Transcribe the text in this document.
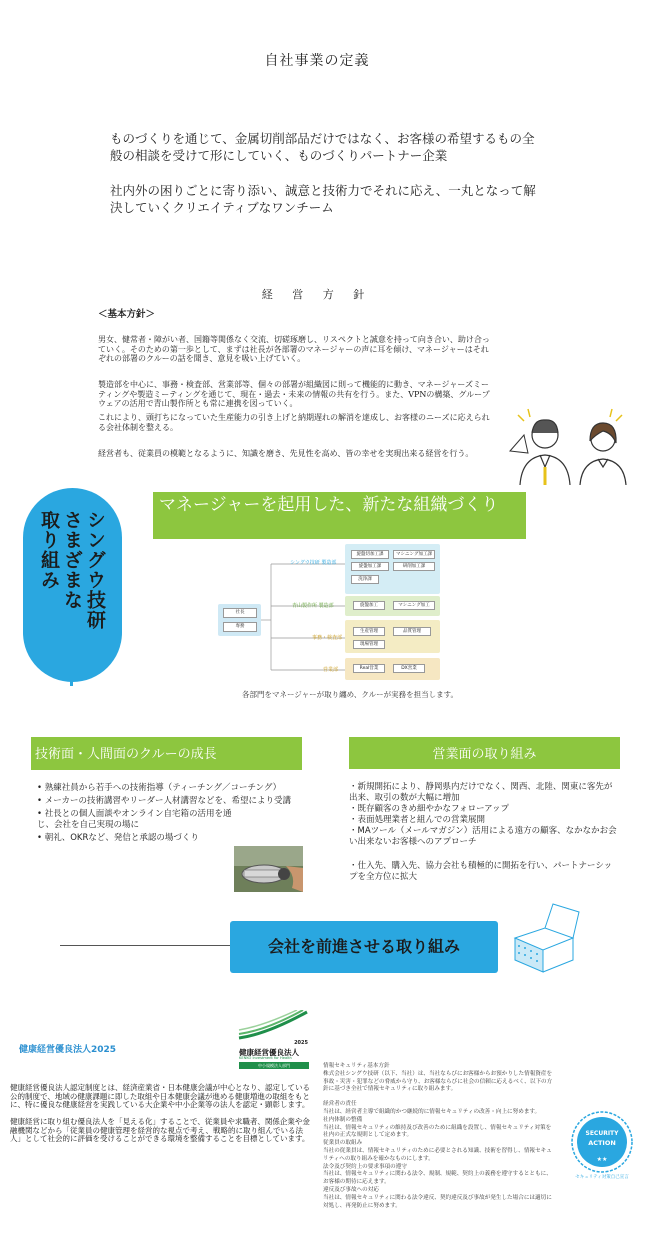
自社事業の定義
ものづくりを通じて、金属切削部品だけではなく、お客様の希望するもの全般の相談を受けて形にしていく、ものづくりパートナー企業
社内外の困りごとに寄り添い、誠意と技術力でそれに応え、一丸となって解決していくクリエイティブなワンチーム
経 営 方 針
＜基本方針＞
男女、健常者・障がい者、国籍等関係なく交流、切磋琢磨し、リスペクトと誠意を持って向き合い、助け合っていく。そのための第一歩として、まずは社長が各部署のマネージャーの声に耳を傾け、マネージャーはそれぞれの部署のクルーの話を聞き、意見を吸い上げていく。
製造部を中心に、事務・検査部、営業部等、個々の部署が組織図に則って機能的に動き、マネージャーズミーティングや製造ミーティングを通じて、現在・過去・未来の情報の共有を行う。また、VPNの構築、グループウェアの活用で青山製作所とも常に連携を図っていく。
これにより、頭打ちになっていた生産能力の引き上げと納期遅れの解消を達成し、お客様のニーズに応えられる会社体制を整える。
経営者も、従業員の模範となるように、知識を磨き、先見性を高め、皆の幸せを実現出来る経営を行う。
シングウ技研
さまざまな
取り組み
マネージャーを起用した、新たな組織づくり
社長
専務
シングウ技研 製造部
青山製作所 製造部
事務・検査部
営業部
旋盤切加工課	マシニング加工課
旋盤加工課	研削加工課
洗浄課
旋盤加工	マシニング加工
生産管理	品質管理
現場管理
Real営業	DX営業
各部門をマネージャーが取り纏め、クルーが実務を担当します。
技術面・人間面のクルーの成長
• 熟練社員から若手への技術指導（ティーチング／コーチング）
• メーカーの技術講習やリーダー人材講習などを、希望により受講
• 社長との個人面談やオンライン自宅箱の活用を通じ、会社を自己実現の場に
• 朝礼、OKRなど、発信と承認の場づくり
営業面の取り組み
・新規開拓により、静岡県内だけでなく、関西、北陸、関東に客先が出来、取引の数が大幅に増加
・既存顧客のきめ細やかなフォローアップ
・表面処理業者と組んでの営業展開
・MAツール（メールマガジン）活用による遠方の顧客、なかなかお会い出来ないお客様へのアプローチ
・仕入先、購入先、協力会社も積極的に開拓を行い、パートナーシップを全方位に拡大
会社を前進させる取り組み
健康経営優良法人2025
2025
健康経営優良法人
KENKO Investment for Health
中小規模法人部門
健康経営優良法人認定制度とは、経済産業省・日本健康会議が中心となり、認定している公的制度で、地域の健康課題に即した取組や日本健康会議が進める健康増進の取組をもとに、特に優良な健康経営を実践している大企業や中小企業等の法人を認定・顕彰します。
健康経営に取り組む優良法人を「見える化」することで、従業員や求職者、関係企業や金融機関などから「従業員の健康管理を経営的な視点で考え、戦略的に取り組んでいる法人」として社会的に評価を受けることができる環境を整備することを目標としています。
情報セキュリティ基本方針
株式会社シングウ技研（以下、当社）は、当社ならびにお客様からお預かりした情報資産を事故・災害・犯罪などの脅威から守り、お客様ならびに社会の信頼に応えるべく、以下の方針に基づき全社で情報セキュリティに取り組みます。
経営者の責任
当社は、経営者主導で組織的かつ継続的に情報セキュリティの改善・向上に努めます。
社内体制の整備
当社は、情報セキュリティの維持及び改善のために組織を設置し、情報セキュリティ対策を社内の正式な規則として定めます。
従業員の取組み
当社の従業員は、情報セキュリティのために必要とされる知識、技術を習得し、情報セキュリティへの取り組みを確かなものにします。
法令及び契約上の要求事項の遵守
当社は、情報セキュリティに関わる法令、規制、規範、契約上の義務を遵守するとともに、お客様の期待に応えます。
違反及び事故への対応
当社は、情報セキュリティに関わる法令違反、契約違反及び事故が発生した場合には適切に対処し、再発防止に努めます。
★★
SECURITY
ACTION
セキュリティ対策自己宣言
